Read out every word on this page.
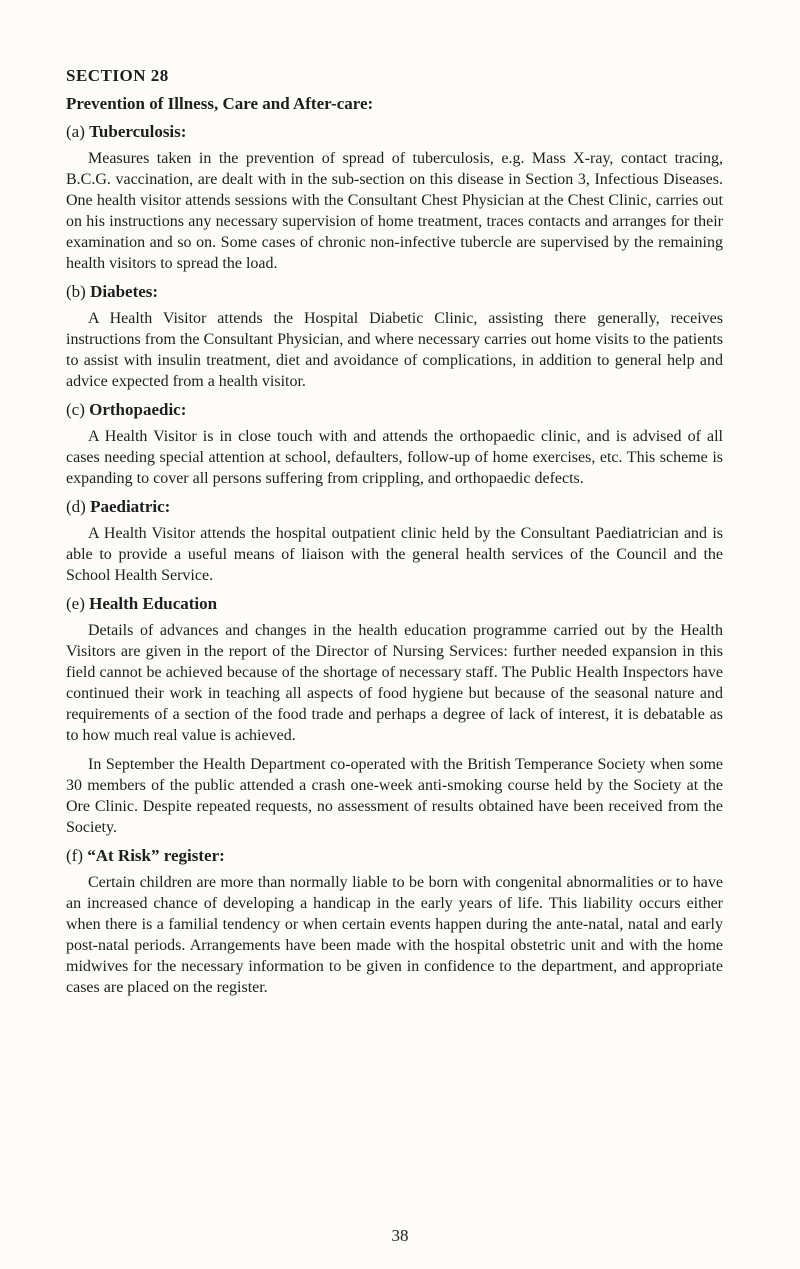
SECTION 28
Prevention of Illness, Care and After-care:
(a) Tuberculosis:

Measures taken in the prevention of spread of tuberculosis, e.g. Mass X-ray, contact tracing, B.C.G. vaccination, are dealt with in the sub-section on this disease in Section 3, Infectious Diseases. One health visitor attends sessions with the Consultant Chest Physician at the Chest Clinic, carries out on his instructions any necessary supervision of home treatment, traces contacts and arranges for their examination and so on. Some cases of chronic non-infective tubercle are supervised by the remaining health visitors to spread the load.

(b) Diabetes:

A Health Visitor attends the Hospital Diabetic Clinic, assisting there generally, receives instructions from the Consultant Physician, and where necessary carries out home visits to the patients to assist with insulin treatment, diet and avoidance of complications, in addition to general help and advice expected from a health visitor.

(c) Orthopaedic:

A Health Visitor is in close touch with and attends the orthopaedic clinic, and is advised of all cases needing special attention at school, defaulters, follow-up of home exercises, etc. This scheme is expanding to cover all persons suffering from crippling, and orthopaedic defects.

(d) Paediatric:

A Health Visitor attends the hospital outpatient clinic held by the Consultant Paediatrician and is able to provide a useful means of liaison with the general health services of the Council and the School Health Service.

(e) Health Education

Details of advances and changes in the health education programme carried out by the Health Visitors are given in the report of the Director of Nursing Services: further needed expansion in this field cannot be achieved because of the shortage of necessary staff. The Public Health Inspectors have continued their work in teaching all aspects of food hygiene but because of the seasonal nature and requirements of a section of the food trade and perhaps a degree of lack of interest, it is debatable as to how much real value is achieved.

In September the Health Department co-operated with the British Temperance Society when some 30 members of the public attended a crash one-week anti-smoking course held by the Society at the Ore Clinic. Despite repeated requests, no assessment of results obtained have been received from the Society.

(f) “At Risk” register:

Certain children are more than normally liable to be born with congenital abnormalities or to have an increased chance of developing a handicap in the early years of life. This liability occurs either when there is a familial tendency or when certain events happen during the ante-natal, natal and early post-natal periods. Arrangements have been made with the hospital obstetric unit and with the home midwives for the necessary information to be given in confidence to the department, and appropriate cases are placed on the register.

38
